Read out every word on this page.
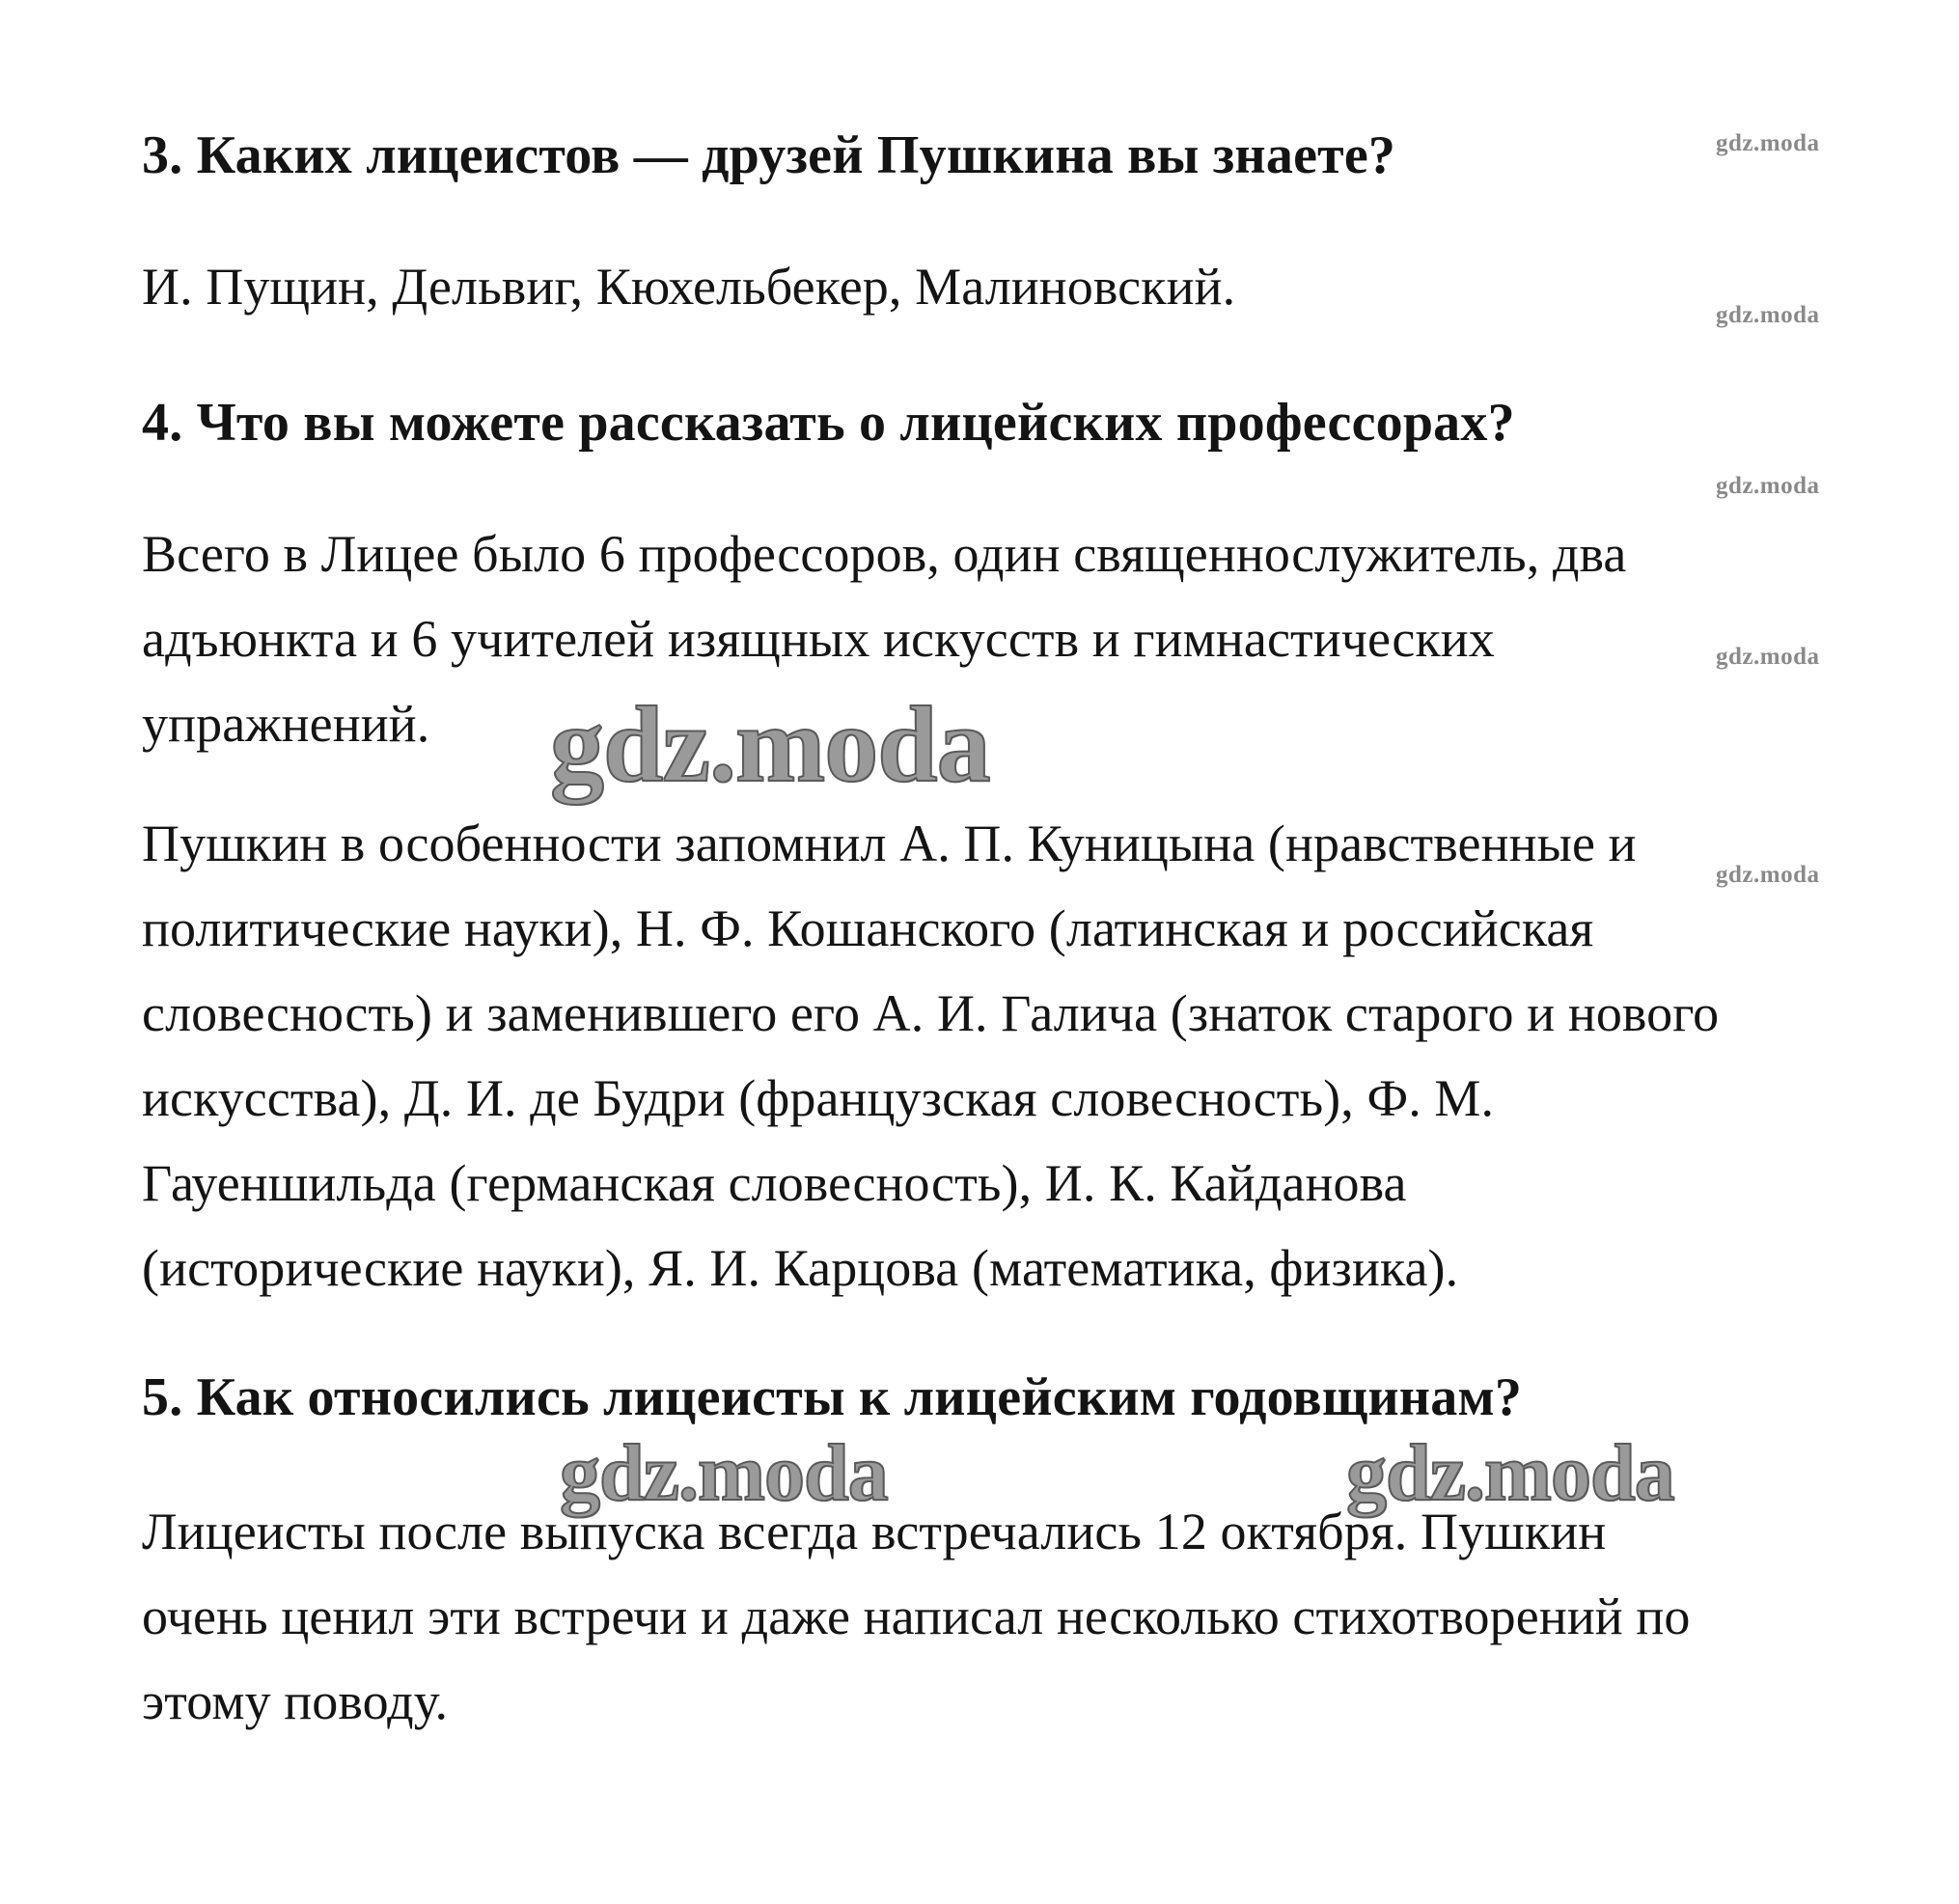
3. Каких лицеистов — друзей Пушкина вы знаете?
И. Пущин, Дельвиг, Кюхельбекер, Малиновский.
4. Что вы можете рассказать о лицейских профессорах?
Всего в Лицее было 6 профессоров, один священнослужитель, два
адъюнкта и 6 учителей изящных искусств и гимнастических
упражнений.
Пушкин в особенности запомнил А. П. Куницына (нравственные и
политические науки), Н. Ф. Кошанского (латинская и российская
словесность) и заменившего его А. И. Галича (знаток старого и нового
искусства), Д. И. де Будри (французская словесность), Ф. М.
Гауеншильда (германская словесность), И. К. Кайданова
(исторические науки), Я. И. Карцова (математика, физика).
5. Как относились лицеисты к лицейским годовщинам?
Лицеисты после выпуска всегда встречались 12 октября. Пушкин
очень ценил эти встречи и даже написал несколько стихотворений по
этому поводу.
gdz.moda
gdz.moda
gdz.moda
gdz.moda
gdz.moda
gdz.moda
gdz.moda	gdz.moda
